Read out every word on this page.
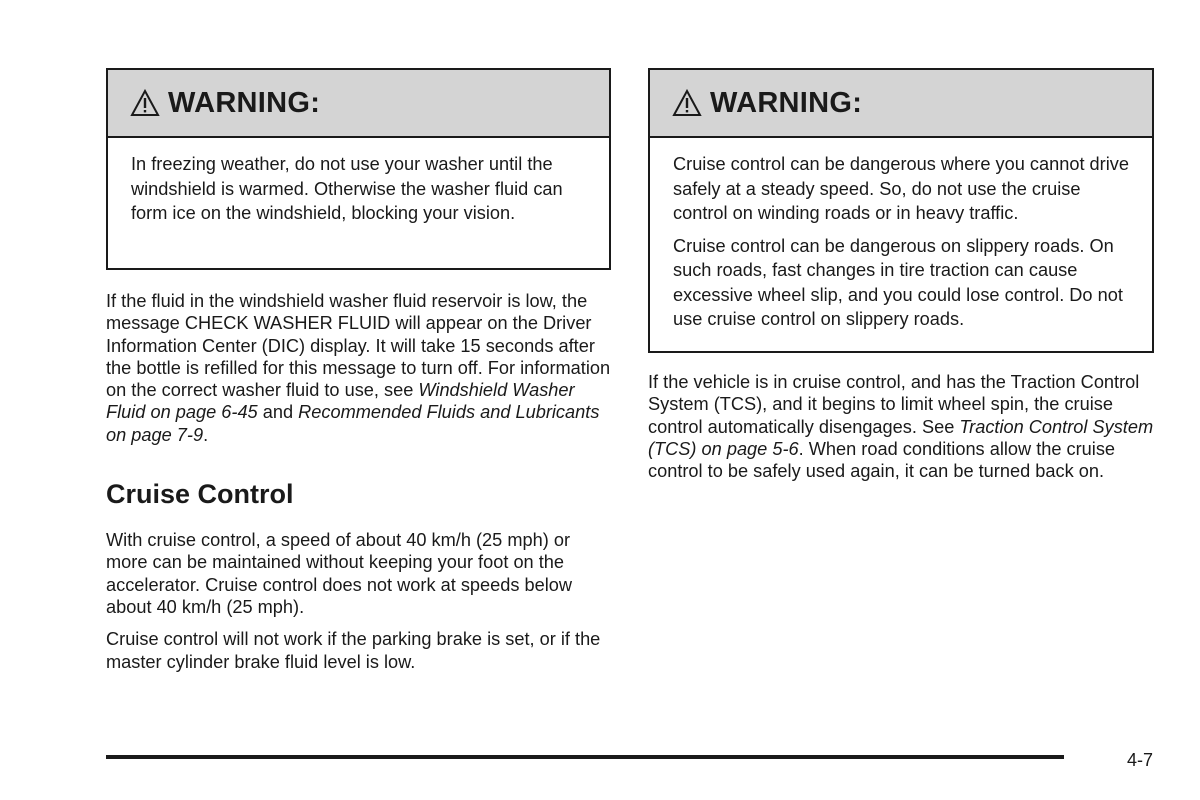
WARNING:

In freezing weather, do not use your washer until the windshield is warmed. Otherwise the washer fluid can form ice on the windshield, blocking your vision.

If the fluid in the windshield washer fluid reservoir is low, the message CHECK WASHER FLUID will appear on the Driver Information Center (DIC) display. It will take 15 seconds after the bottle is refilled for this message to turn off. For information on the correct washer fluid to use, see Windshield Washer Fluid on page 6-45 and Recommended Fluids and Lubricants on page 7-9.

Cruise Control

With cruise control, a speed of about 40 km/h (25 mph) or more can be maintained without keeping your foot on the accelerator. Cruise control does not work at speeds below about 40 km/h (25 mph).

Cruise control will not work if the parking brake is set, or if the master cylinder brake fluid level is low.

WARNING:

Cruise control can be dangerous where you cannot drive safely at a steady speed. So, do not use the cruise control on winding roads or in heavy traffic.

Cruise control can be dangerous on slippery roads. On such roads, fast changes in tire traction can cause excessive wheel slip, and you could lose control. Do not use cruise control on slippery roads.

If the vehicle is in cruise control, and has the Traction Control System (TCS), and it begins to limit wheel spin, the cruise control automatically disengages. See Traction Control System (TCS) on page 5-6. When road conditions allow the cruise control to be safely used again, it can be turned back on.

4-7
